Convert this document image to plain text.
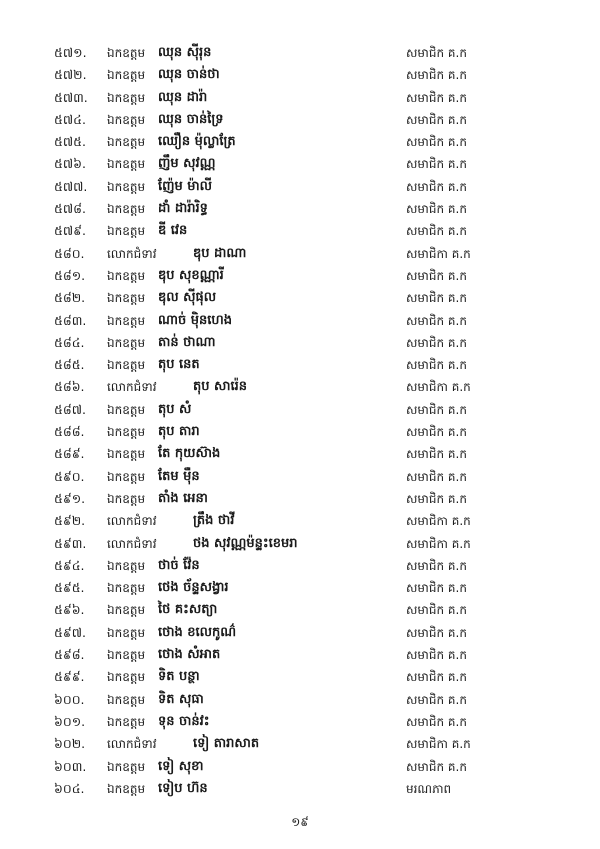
៥៧១.	ឯកឧត្តម ឈុន ស៊ីរុន	សមាជិក គ.ក
៥៧២.	ឯកឧត្តម ឈុន ចាន់ថា	សមាជិក គ.ក
៥៧៣.	ឯកឧត្តម ឈុន ដារ៉ា	សមាជិក គ.ក
៥៧៤.	ឯកឧត្តម ឈុន ចាន់ទ្រៃ	សមាជិក គ.ក
៥៧៥.	ឯកឧត្តម ឈឿន ម៉ុល្លាត្រែ	សមាជិក គ.ក
៥៧៦.	ឯកឧត្តម ញឹម សុវណ្ណ	សមាជិក គ.ក
៥៧៧.	ឯកឧត្តម ញ៉ែម ម៉ាលី	សមាជិក គ.ក
៥៧៨.	ឯកឧត្តម ដាំ ដារ៉ារិទ្ធ	សមាជិក គ.ក
៥៧៩.	ឯកឧត្តម ឌី វេន	សមាជិក គ.ក
៥៨០.	លោកជំទាវ	ឌុប ដាណា	សមាជិកា គ.ក
៥៨១.	ឯកឧត្តម ឌុប សុខណ្ណារី	សមាជិក គ.ក
៥៨២.	ឯកឧត្តម ឌុល ស៊ីផុល	សមាជិក គ.ក
៥៨៣.	ឯកឧត្តម ណាច់ ម៉ិនហេង	សមាជិក គ.ក
៥៨៤.	ឯកឧត្តម តាន់ ថាណា	សមាជិក គ.ក
៥៨៥.	ឯកឧត្តម តុប នេត	សមាជិក គ.ក
៥៨៦.	លោកជំទាវ	តុប សារ៉េន	សមាជិកា គ.ក
៥៨៧.	ឯកឧត្តម តុប សំ	សមាជិក គ.ក
៥៨៨.	ឯកឧត្តម តុប តារា	សមាជិក គ.ក
៥៨៩.	ឯកឧត្តម តែ កុយស៊ាង	សមាជិក គ.ក
៥៩០.	ឯកឧត្តម តែម ម៉ឺន	សមាជិក គ.ក
៥៩១.	ឯកឧត្តម តាំង អេនា	សមាជិក គ.ក
៥៩២.	លោកជំទាវ	ត្រឹង ថាវី	សមាជិកា គ.ក
៥៩៣.	លោកជំទាវ	ថង សុវណ្ណម៉ន្ទះខេមរា	សមាជិកា គ.ក
៥៩៤.	ឯកឧត្តម ថាច់ វ៉ែន	សមាជិក គ.ក
៥៩៥.	ឯកឧត្តម ថេង ច័ន្ទសង្វារ	សមាជិក គ.ក
៥៩៦.	ឯកឧត្តម ថៃ គះសត្យា	សមាជិក គ.ក
៥៩៧.	ឯកឧត្តម ថោង ខលេកូណ៌	សមាជិក គ.ក
៥៩៨.	ឯកឧត្តម ថោង សំអាត	សមាជិក គ.ក
៥៩៩.	ឯកឧត្តម ទិត បន្ថា	សមាជិក គ.ក
៦០០.	ឯកឧត្តម ទិត សុធា	សមាជិក គ.ក
៦០១.	ឯកឧត្តម ទុន ចាន់វះ	សមាជិក គ.ក
៦០២.	លោកជំទាវ	ទៀ តារាសាត	សមាជិកា គ.ក
៦០៣.	ឯកឧត្តម ទៀ សុខា	សមាជិក គ.ក
៦០៤.	ឯកឧត្តម ទៀប ហ៊ន	មរណភាព
១៩
